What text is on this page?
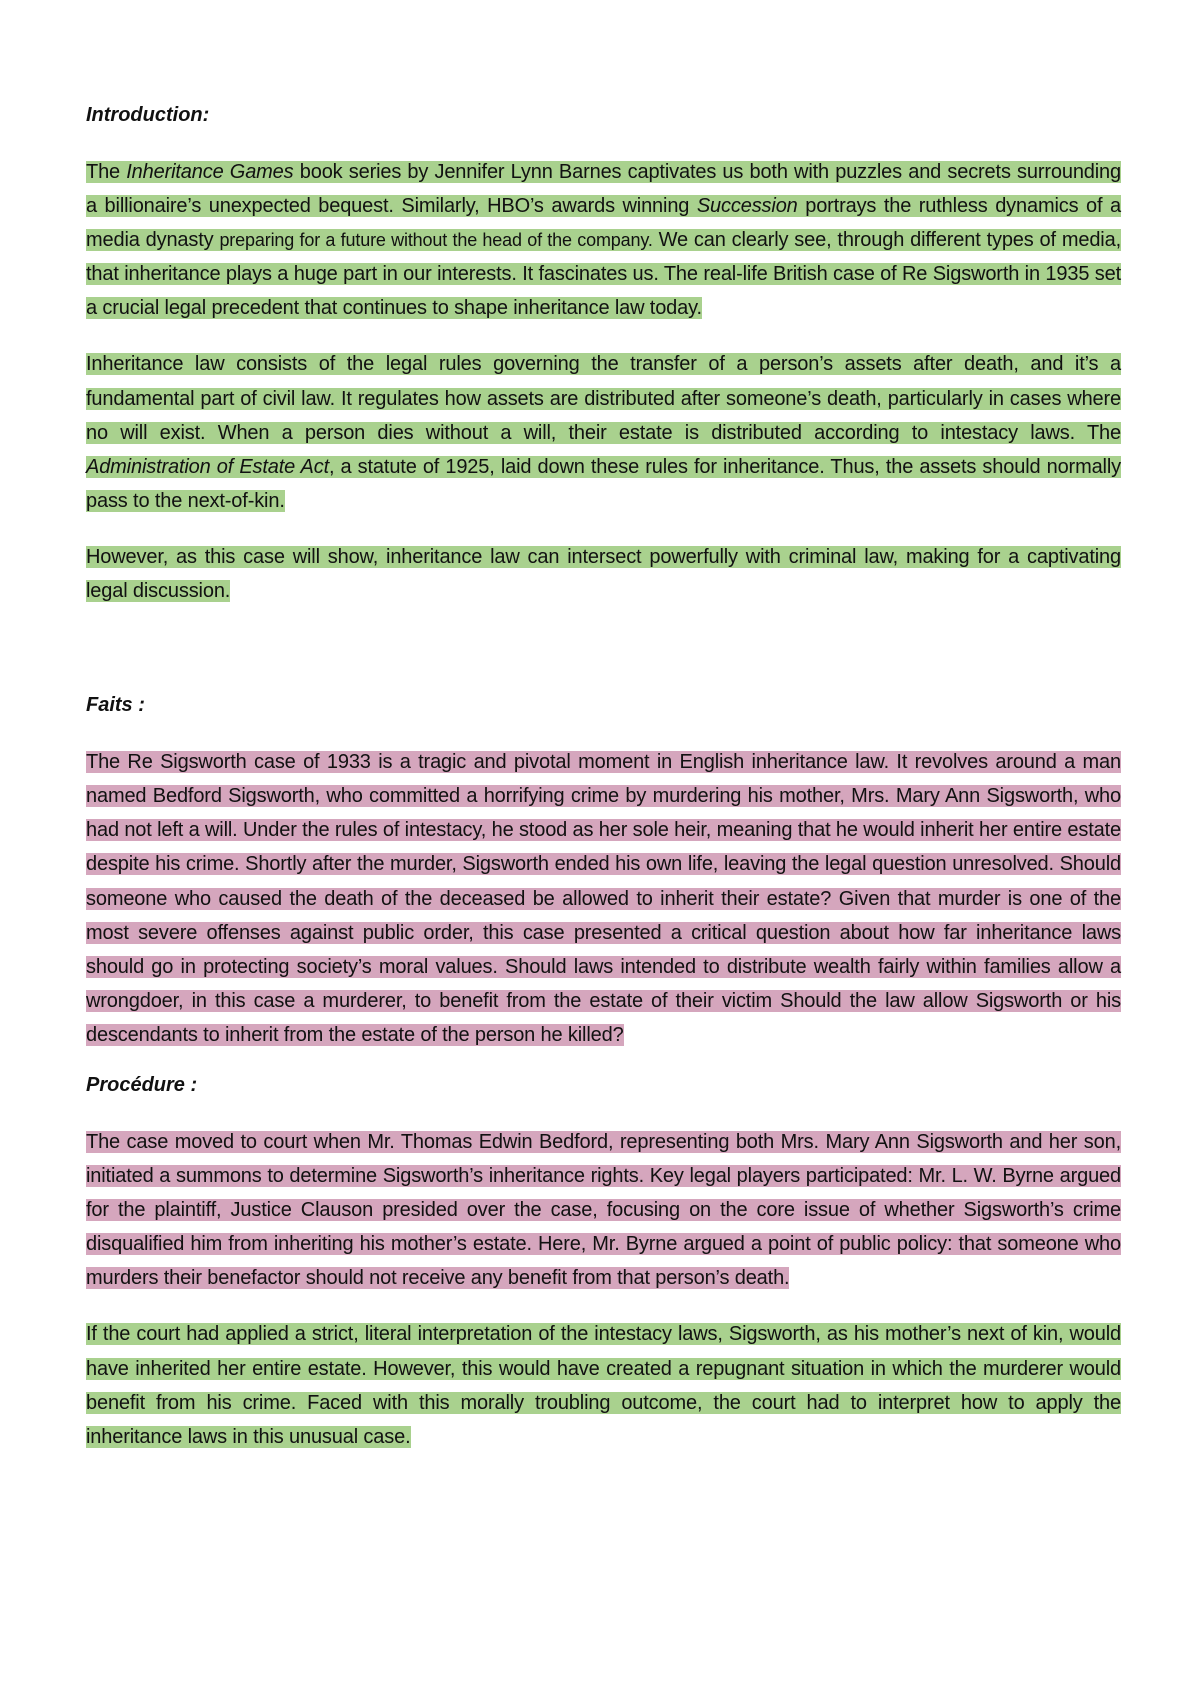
Introduction:

The Inheritance Games book series by Jennifer Lynn Barnes captivates us both with puzzles and secrets surrounding a billionaire’s unexpected bequest. Similarly, HBO’s awards winning Succession portrays the ruthless dynamics of a media dynasty preparing for a future without the head of the company. We can clearly see, through different types of media, that inheritance plays a huge part in our interests. It fascinates us. The real-life British case of Re Sigsworth in 1935 set a crucial legal precedent that continues to shape inheritance law today.

Inheritance law consists of the legal rules governing the transfer of a person’s assets after death, and it’s a fundamental part of civil law. It regulates how assets are distributed after someone’s death, particularly in cases where no will exist. When a person dies without a will, their estate is distributed according to intestacy laws. The Administration of Estate Act, a statute of 1925, laid down these rules for inheritance. Thus, the assets should normally pass to the next-of-kin.

However, as this case will show, inheritance law can intersect powerfully with criminal law, making for a captivating legal discussion.

Faits :

The Re Sigsworth case of 1933 is a tragic and pivotal moment in English inheritance law. It revolves around a man named Bedford Sigsworth, who committed a horrifying crime by murdering his mother, Mrs. Mary Ann Sigsworth, who had not left a will. Under the rules of intestacy, he stood as her sole heir, meaning that he would inherit her entire estate despite his crime. Shortly after the murder, Sigsworth ended his own life, leaving the legal question unresolved. Should someone who caused the death of the deceased be allowed to inherit their estate? Given that murder is one of the most severe offenses against public order, this case presented a critical question about how far inheritance laws should go in protecting society’s moral values. Should laws intended to distribute wealth fairly within families allow a wrongdoer, in this case a murderer, to benefit from the estate of their victim Should the law allow Sigsworth or his descendants to inherit from the estate of the person he killed?

Procédure :

The case moved to court when Mr. Thomas Edwin Bedford, representing both Mrs. Mary Ann Sigsworth and her son, initiated a summons to determine Sigsworth’s inheritance rights. Key legal players participated: Mr. L. W. Byrne argued for the plaintiff, Justice Clauson presided over the case, focusing on the core issue of whether Sigsworth’s crime disqualified him from inheriting his mother’s estate. Here, Mr. Byrne argued a point of public policy: that someone who murders their benefactor should not receive any benefit from that person’s death.

If the court had applied a strict, literal interpretation of the intestacy laws, Sigsworth, as his mother’s next of kin, would have inherited her entire estate. However, this would have created a repugnant situation in which the murderer would benefit from his crime. Faced with this morally troubling outcome, the court had to interpret how to apply the inheritance laws in this unusual case.
